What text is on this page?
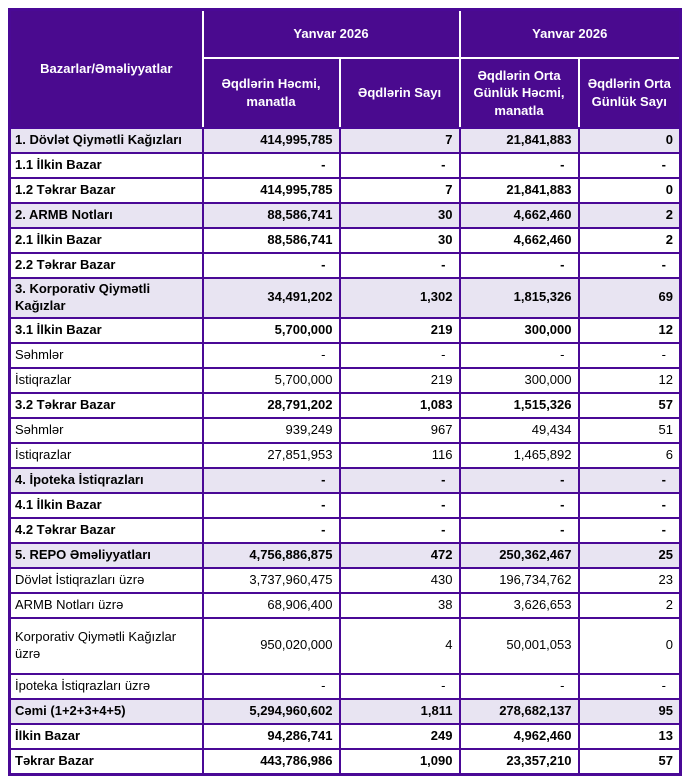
Bazarlar/Əməliyyatlar	Yanvar 2026		Yanvar 2026	
	Əqdlərin Həcmi, manatla	Əqdlərin Sayı	Əqdlərin Orta Günlük Həcmi, manatla	Əqdlərin Orta Günlük Sayı
1. Dövlət Qiymətli Kağızları	414,995,785	7	21,841,883	0
1.1 İlkin Bazar	-	-	-	-
1.2 Təkrar Bazar	414,995,785	7	21,841,883	0
2. ARMB Notları	88,586,741	30	4,662,460	2
2.1 İlkin Bazar	88,586,741	30	4,662,460	2
2.2 Təkrar Bazar	-	-	-	-
3. Korporativ Qiymətli Kağızlar	34,491,202	1,302	1,815,326	69
3.1 İlkin Bazar	5,700,000	219	300,000	12
Səhmlər	-	-	-	-
İstiqrazlar	5,700,000	219	300,000	12
3.2 Təkrar Bazar	28,791,202	1,083	1,515,326	57
Səhmlər	939,249	967	49,434	51
İstiqrazlar	27,851,953	116	1,465,892	6
4. İpoteka İstiqrazları	-	-	-	-
4.1 İlkin Bazar	-	-	-	-
4.2 Təkrar Bazar	-	-	-	-
5. REPO Əməliyyatları	4,756,886,875	472	250,362,467	25
Dövlət İstiqrazları üzrə	3,737,960,475	430	196,734,762	23
ARMB Notları üzrə	68,906,400	38	3,626,653	2
Korporativ Qiymətli Kağızlar üzrə	950,020,000	4	50,001,053	0
İpoteka İstiqrazları üzrə	-	-	-	-
Cəmi (1+2+3+4+5)	5,294,960,602	1,811	278,682,137	95
İlkin Bazar	94,286,741	249	4,962,460	13
Təkrar Bazar	443,786,986	1,090	23,357,210	57
